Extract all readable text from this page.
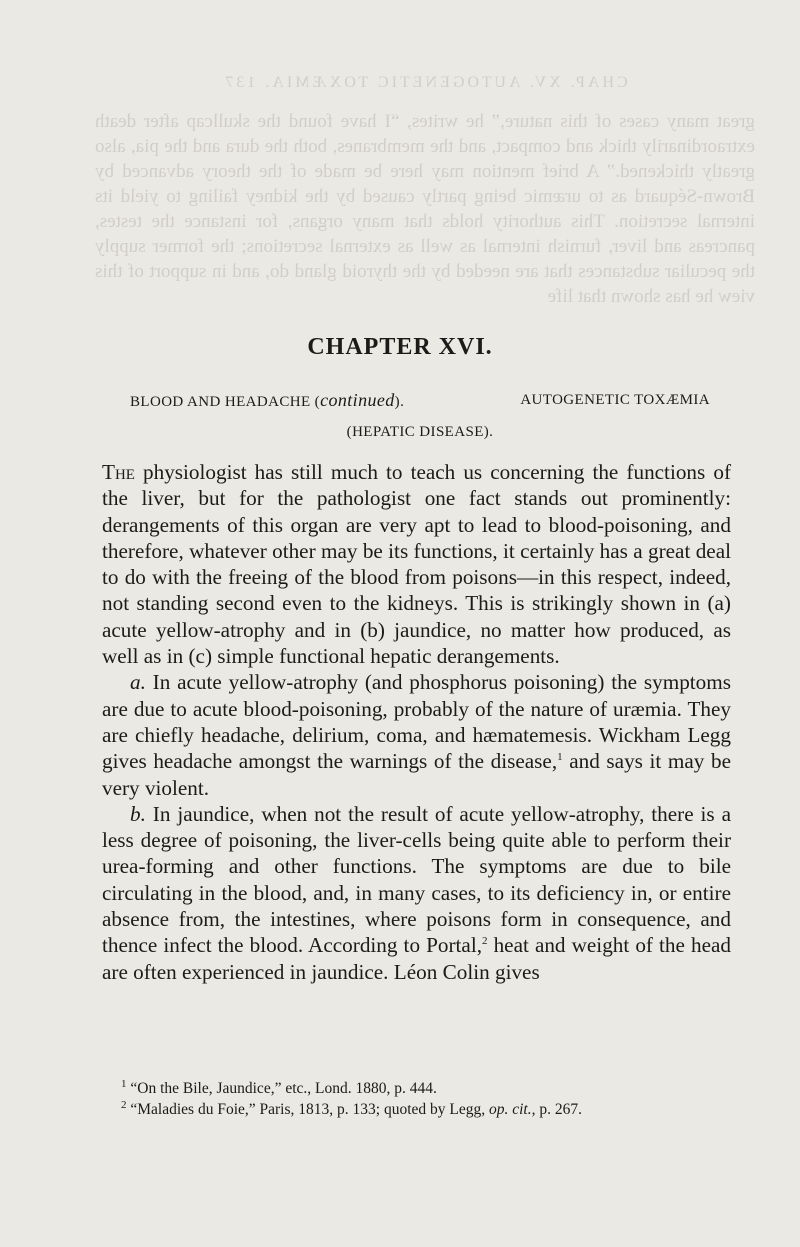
CHAP. XV. AUTOGENETIC TOXÆMIA. 137

great many cases of this nature,” he writes, “I have found the skullcap after death extraordinarily thick and compact, and the membranes, both the dura and the pia, also greatly thickened.” A brief mention may here be made of the theory advanced by Brown-Séquard as to uræmic being partly caused by the kidney failing to yield its internal secretion. This authority holds that many organs, for instance the testes, pancreas and liver, furnish internal as well as external secretions; the former supply the peculiar substances that are needed by the thyroid gland do, and in support of this view he has shown that life

CHAPTER XVI.
BLOOD AND HEADACHE (continued).	AUTOGENETIC TOXÆMIA
(HEPATIC DISEASE).

The physiologist has still much to teach us concerning the functions of the liver, but for the pathologist one fact stands out prominently: derangements of this organ are very apt to lead to blood-poisoning, and therefore, whatever other may be its functions, it certainly has a great deal to do with the freeing of the blood from poisons—in this respect, indeed, not standing second even to the kidneys. This is strikingly shown in (a) acute yellow-atrophy and in (b) jaundice, no matter how produced, as well as in (c) simple functional hepatic derangements.

a. In acute yellow-atrophy (and phosphorus poisoning) the symptoms are due to acute blood-poisoning, probably of the nature of uræmia. They are chiefly headache, delirium, coma, and hæmatemesis. Wickham Legg gives headache amongst the warnings of the disease,$^1$ and says it may be very violent.

b. In jaundice, when not the result of acute yellow-atrophy, there is a less degree of poisoning, the liver-cells being quite able to perform their urea-forming and other functions. The symptoms are due to bile circulating in the blood, and, in many cases, to its deficiency in, or entire absence from, the intestines, where poisons form in consequence, and thence infect the blood. According to Portal,$^2$ heat and weight of the head are often experienced in jaundice. Léon Colin gives

$^1$ “On the Bile, Jaundice,” etc., Lond. 1880, p. 444.

$^2$ “Maladies du Foie,” Paris, 1813, p. 133; quoted by Legg, op. cit., p. 267.
